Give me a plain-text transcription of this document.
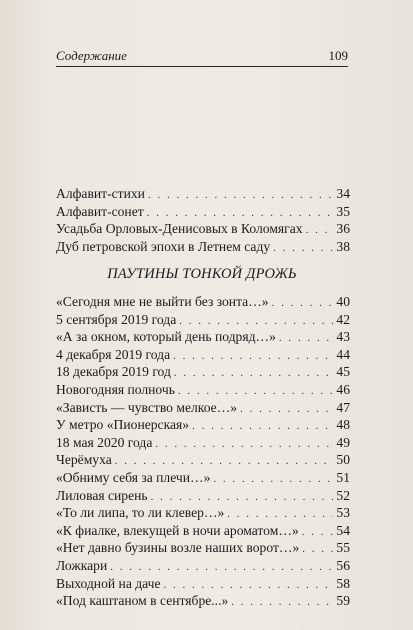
Содержание	109
Алфавит-стихи . . .	34
Алфавит-сонет . . .	35
Усадьба Орловых-Денисовых в Коломягах . . . 36
Дуб петровской эпохи в Летнем саду . . .	38
ПАУТИНЫ ТОНКОЙ ДРОЖЬ
«Сегодня мне не выйти без зонта…» . . .	40
5 сентября 2019 года . . .	42
«А за окном, который день подряд…» . . .	43
4 декабря 2019 года . . .	44
18 декабря 2019 год . . .	45
Новогодняя полночь . . .	46
«Зависть — чувство мелкое…» . . .	47
У метро «Пионерская» . . .	48
18 мая 2020 года . . .	49
Черёмуха . . .	50
«Обниму себя за плечи…» . . .	51
Лиловая сирень . . .	52
«То ли липа, то ли клевер…» . . .	53
«К фиалке, влекущей в ночи ароматом…» . . .	54
«Нет давно бузины возле наших ворот…» . . .	55
Ложкари . . .	56
Выходной на даче . . .	58
«Под каштаном в сентябре...» . . .	59
